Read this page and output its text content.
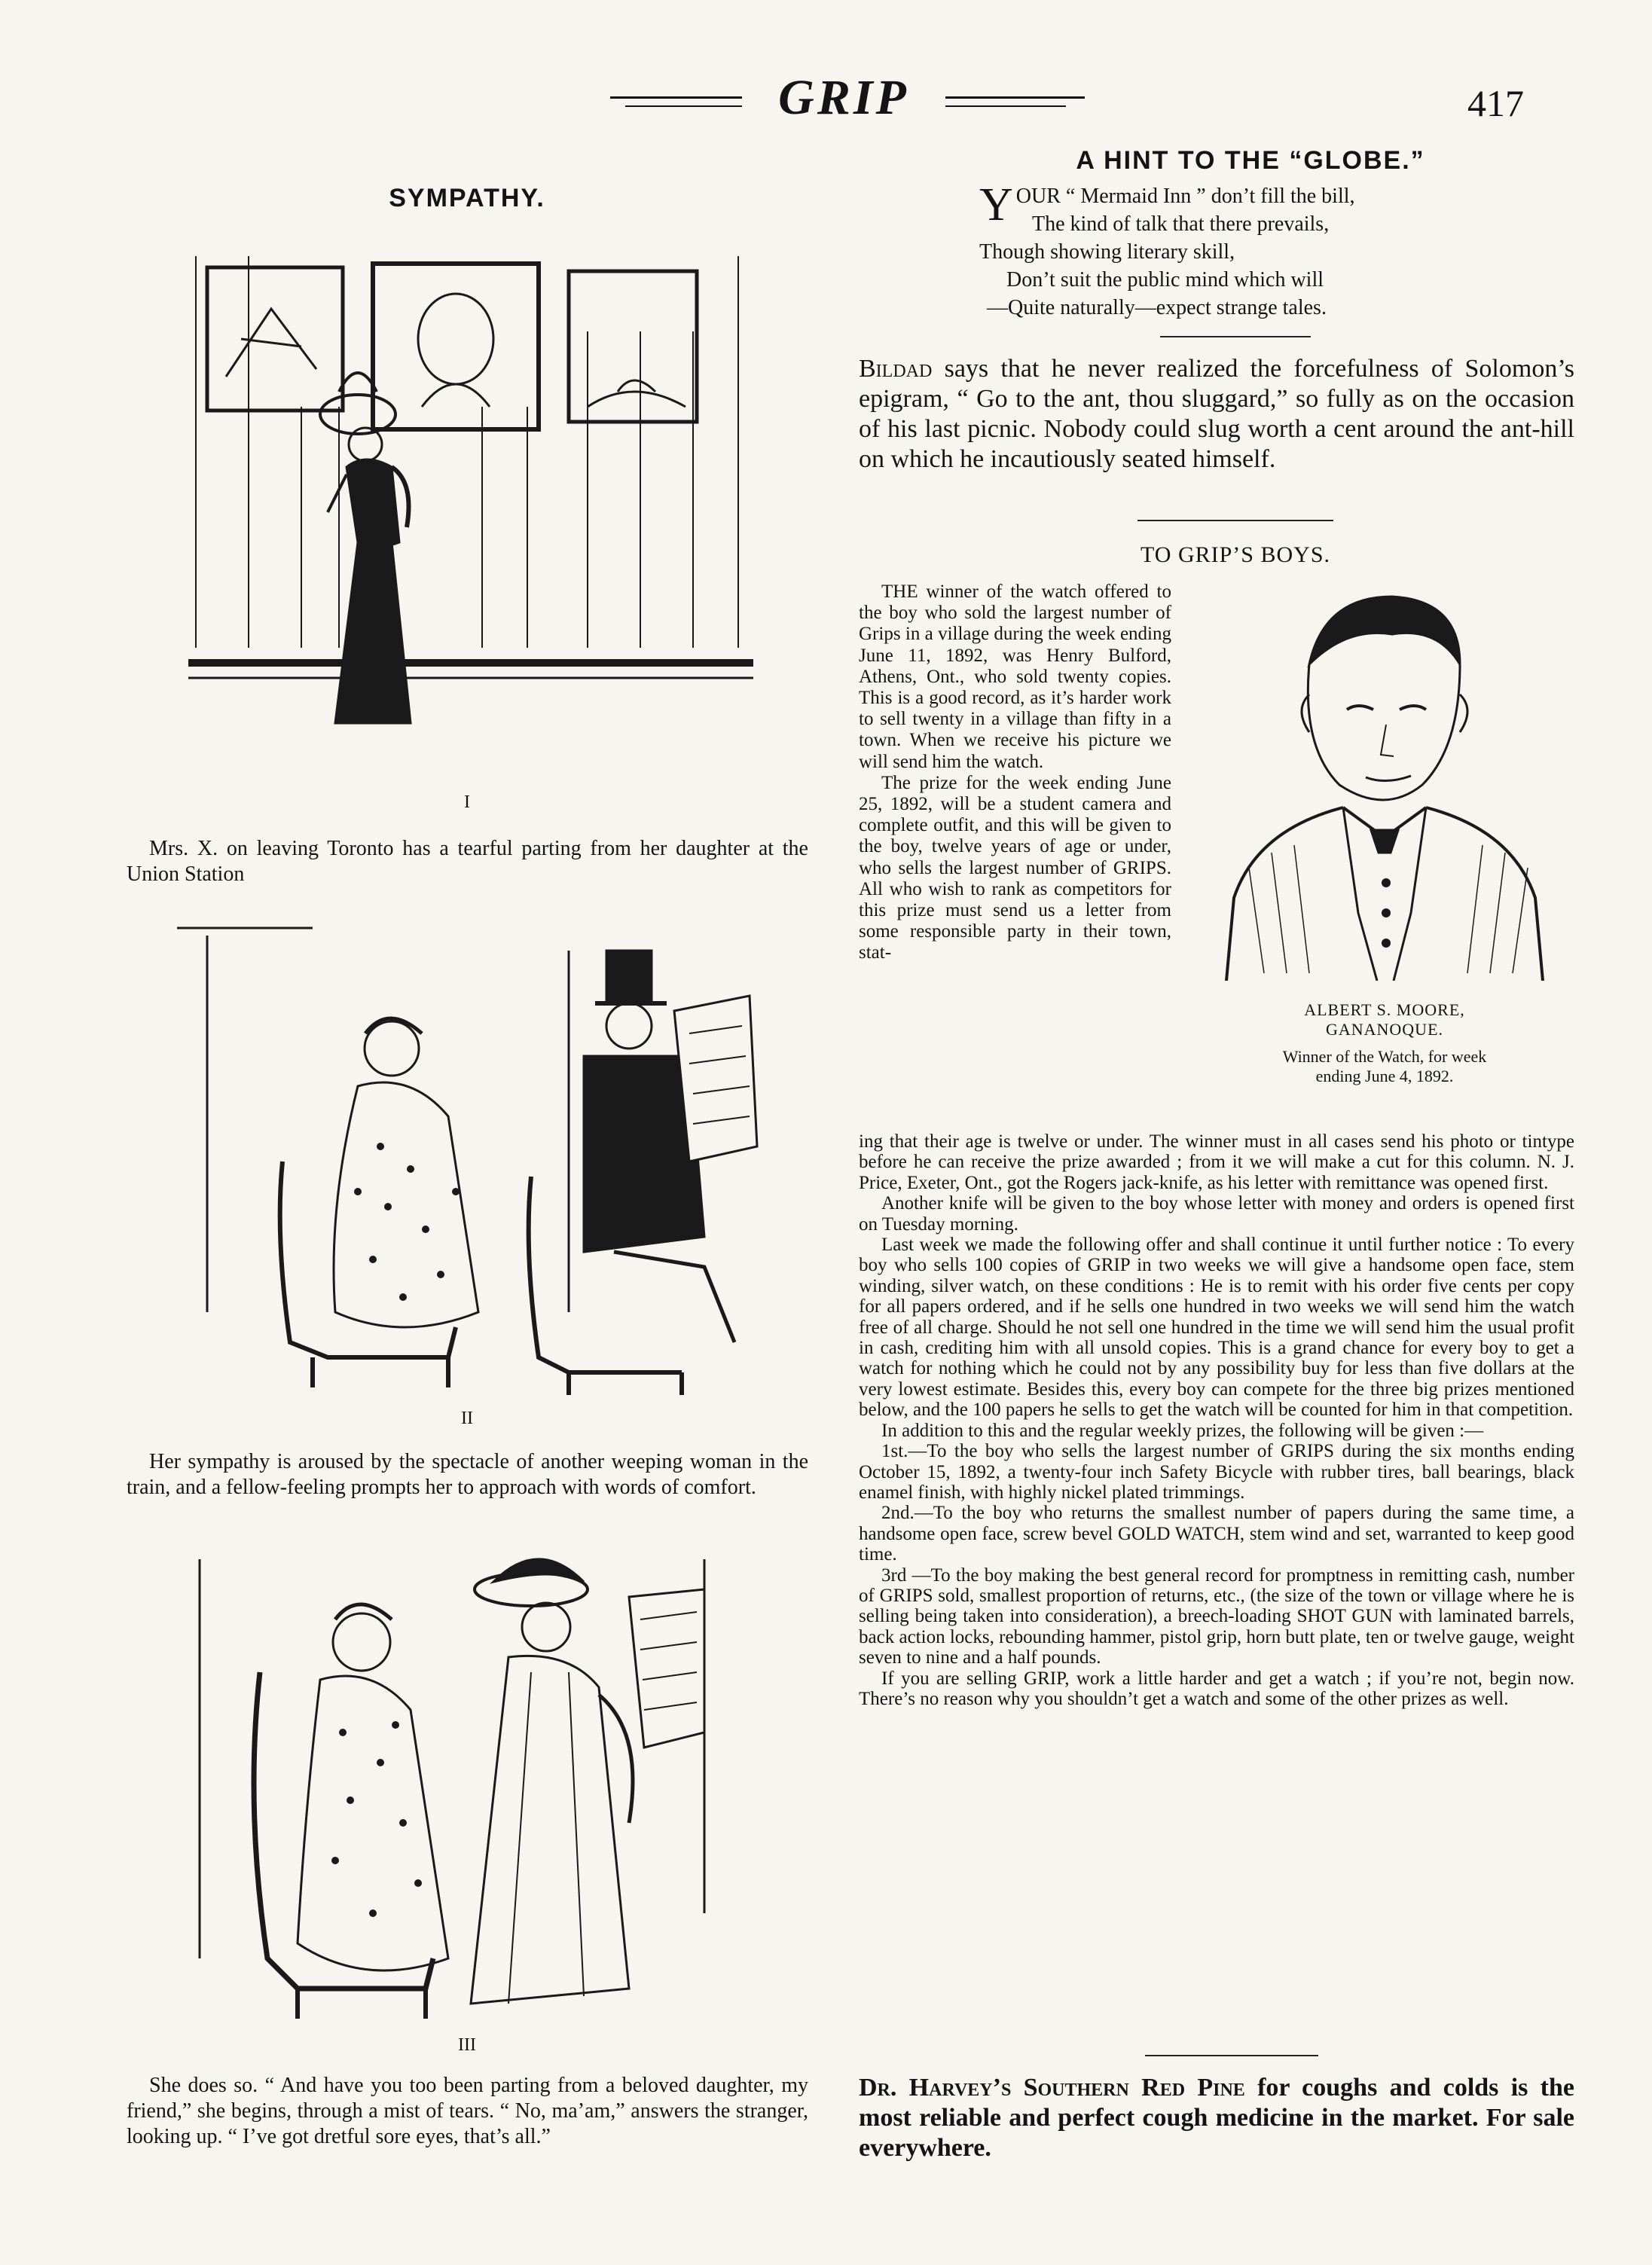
GRIP	417
SYMPATHY.
I
Mrs. X. on leaving Toronto has a tearful parting from her daughter at the Union Station
II
Her sympathy is aroused by the spectacle of another weeping woman in the train, and a fellow-feeling prompts her to approach with words of comfort.
III
She does so. “ And have you too been parting from a beloved daughter, my friend,” she begins, through a mist of tears. “ No, ma’am,” answers the stranger, looking up. “ I’ve got dretful sore eyes, that’s all.”
A HINT TO THE “GLOBE.”
Y OUR “ Mermaid Inn ” don’t fill the bill,
The kind of talk that there prevails,
Though showing literary skill,
Don’t suit the public mind which will
—Quite naturally—expect strange tales.
Bildad says that he never realized the forcefulness of Solomon’s epigram, “ Go to the ant, thou sluggard,” so fully as on the occasion of his last picnic. Nobody could slug worth a cent around the ant-hill on which he incautiously seated himself.
TO GRIP’S BOYS.

THE winner of the watch offered to the boy who sold the largest number of Grips in a village during the week ending June 11, 1892, was Henry Bulford, Athens, Ont., who sold twenty copies. This is a good record, as it’s harder work to sell twenty in a village than fifty in a town. When we receive his picture we will send him the watch.

The prize for the week ending June 25, 1892, will be a student camera and complete outfit, and this will be given to the boy, twelve years of age or under, who sells the largest number of GRIPS. All who wish to rank as competitors for this prize must send us a letter from some responsible party in their town, stat-

ALBERT S. MOORE,
GANANOQUE.
Winner of the Watch, for week
ending June 4, 1892.

ing that their age is twelve or under. The winner must in all cases send his photo or tintype before he can receive the prize awarded ; from it we will make a cut for this column. N. J. Price, Exeter, Ont., got the Rogers jack-knife, as his letter with remittance was opened first.

Another knife will be given to the boy whose letter with money and orders is opened first on Tuesday morning.

Last week we made the following offer and shall continue it until further notice : To every boy who sells 100 copies of GRIP in two weeks we will give a handsome open face, stem winding, silver watch, on these conditions : He is to remit with his order five cents per copy for all papers ordered, and if he sells one hundred in two weeks we will send him the watch free of all charge. Should he not sell one hundred in the time we will send him the usual profit in cash, crediting him with all unsold copies. This is a grand chance for every boy to get a watch for nothing which he could not by any possibility buy for less than five dollars at the very lowest estimate. Besides this, every boy can compete for the three big prizes mentioned below, and the 100 papers he sells to get the watch will be counted for him in that competition.

In addition to this and the regular weekly prizes, the following will be given :—

1st.—To the boy who sells the largest number of GRIPS during the six months ending October 15, 1892, a twenty-four inch Safety Bicycle with rubber tires, ball bearings, black enamel finish, with highly nickel plated trimmings.

2nd.—To the boy who returns the smallest number of papers during the same time, a handsome open face, screw bevel GOLD WATCH, stem wind and set, warranted to keep good time.

3rd —To the boy making the best general record for promptness in remitting cash, number of GRIPS sold, smallest proportion of returns, etc., (the size of the town or village where he is selling being taken into consideration), a breech-loading SHOT GUN with laminated barrels, back action locks, rebounding hammer, pistol grip, horn butt plate, ten or twelve gauge, weight seven to nine and a half pounds.

If you are selling GRIP, work a little harder and get a watch ; if you’re not, begin now. There’s no reason why you shouldn’t get a watch and some of the other prizes as well.

Dr. Harvey’s Southern Red Pine for coughs and colds is the most reliable and perfect cough medicine in the market. For sale everywhere.
